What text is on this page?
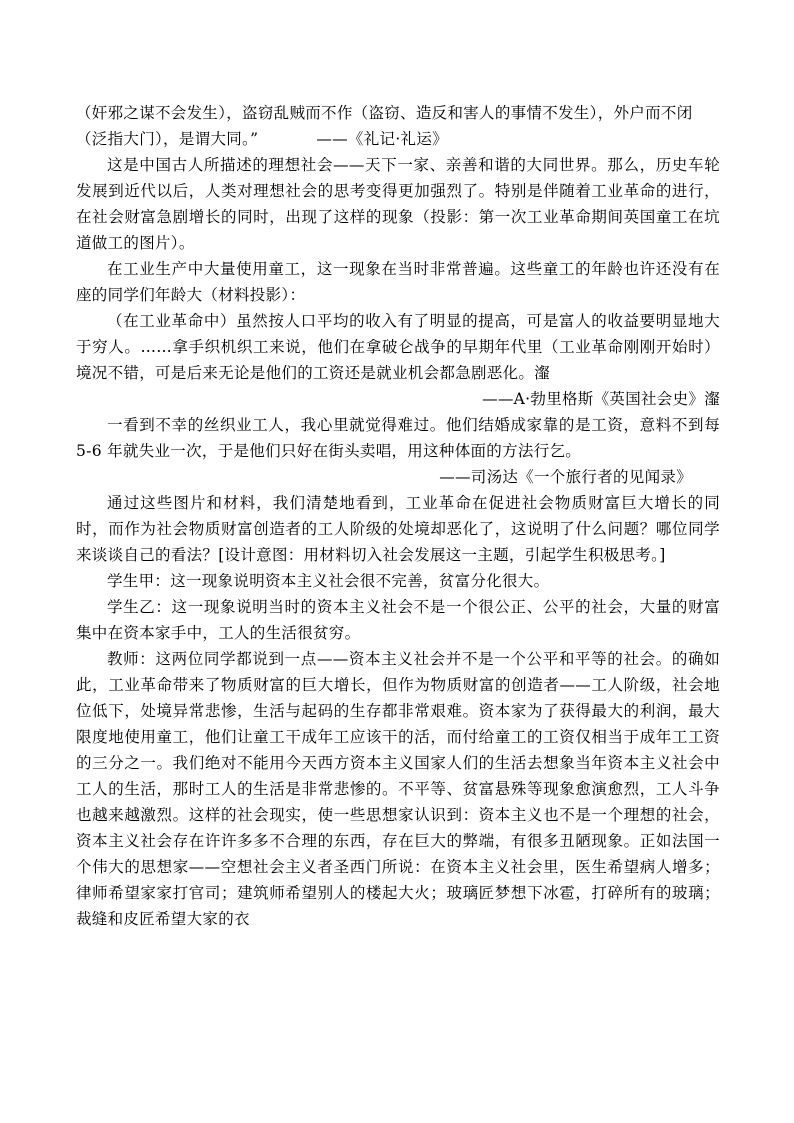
（奸邪之谋不会发生），盗窃乱贼而不作（盗窃、造反和害人的事情不发生），外户而不闭
（泛指大门），是谓大同。”	——《礼记·礼运》

这是中国古人所描述的理想社会——天下一家、亲善和谐的大同世界。那么，历史车轮发展到近代以后，人类对理想社会的思考变得更加强烈了。特别是伴随着工业革命的进行，在社会财富急剧增长的同时，出现了这样的现象（投影：第一次工业革命期间英国童工在坑道做工的图片）。

在工业生产中大量使用童工，这一现象在当时非常普遍。这些童工的年龄也许还没有在座的同学们年龄大（材料投影）：

（在工业革命中）虽然按人口平均的收入有了明显的提高，可是富人的收益要明显地大于穷人。……拿手织机织工来说，他们在拿破仑战争的早期年代里（工业革命刚刚开始时）境况不错，可是后来无论是他们的工资还是就业机会都急剧恶化。瀣

——A·勃里格斯《英国社会史》瀣

一看到不幸的丝织业工人，我心里就觉得难过。他们结婚成家靠的是工资，意料不到每 5-6 年就失业一次，于是他们只好在街头卖唱，用这种体面的方法行乞。

——司汤达《一个旅行者的见闻录》

通过这些图片和材料，我们清楚地看到，工业革命在促进社会物质财富巨大增长的同时，而作为社会物质财富创造者的工人阶级的处境却恶化了，这说明了什么问题？哪位同学来谈谈自己的看法？[设计意图：用材料切入社会发展这一主题，引起学生积极思考。]

学生甲：这一现象说明资本主义社会很不完善，贫富分化很大。

学生乙：这一现象说明当时的资本主义社会不是一个很公正、公平的社会，大量的财富集中在资本家手中，工人的生活很贫穷。

教师：这两位同学都说到一点——资本主义社会并不是一个公平和平等的社会。的确如此，工业革命带来了物质财富的巨大增长，但作为物质财富的创造者——工人阶级，社会地位低下，处境异常悲惨，生活与起码的生存都非常艰难。资本家为了获得最大的利润，最大限度地使用童工，他们让童工干成年工应该干的活，而付给童工的工资仅相当于成年工工资的三分之一。我们绝对不能用今天西方资本主义国家人们的生活去想象当年资本主义社会中工人的生活，那时工人的生活是非常悲惨的。不平等、贫富悬殊等现象愈演愈烈，工人斗争也越来越激烈。这样的社会现实，使一些思想家认识到：资本主义也不是一个理想的社会，资本主义社会存在许许多多不合理的东西，存在巨大的弊端，有很多丑陋现象。正如法国一个伟大的思想家——空想社会主义者圣西门所说：在资本主义社会里，医生希望病人增多；律师希望家家打官司；建筑师希望别人的楼起大火；玻璃匠梦想下冰雹，打碎所有的玻璃；裁缝和皮匠希望大家的衣
